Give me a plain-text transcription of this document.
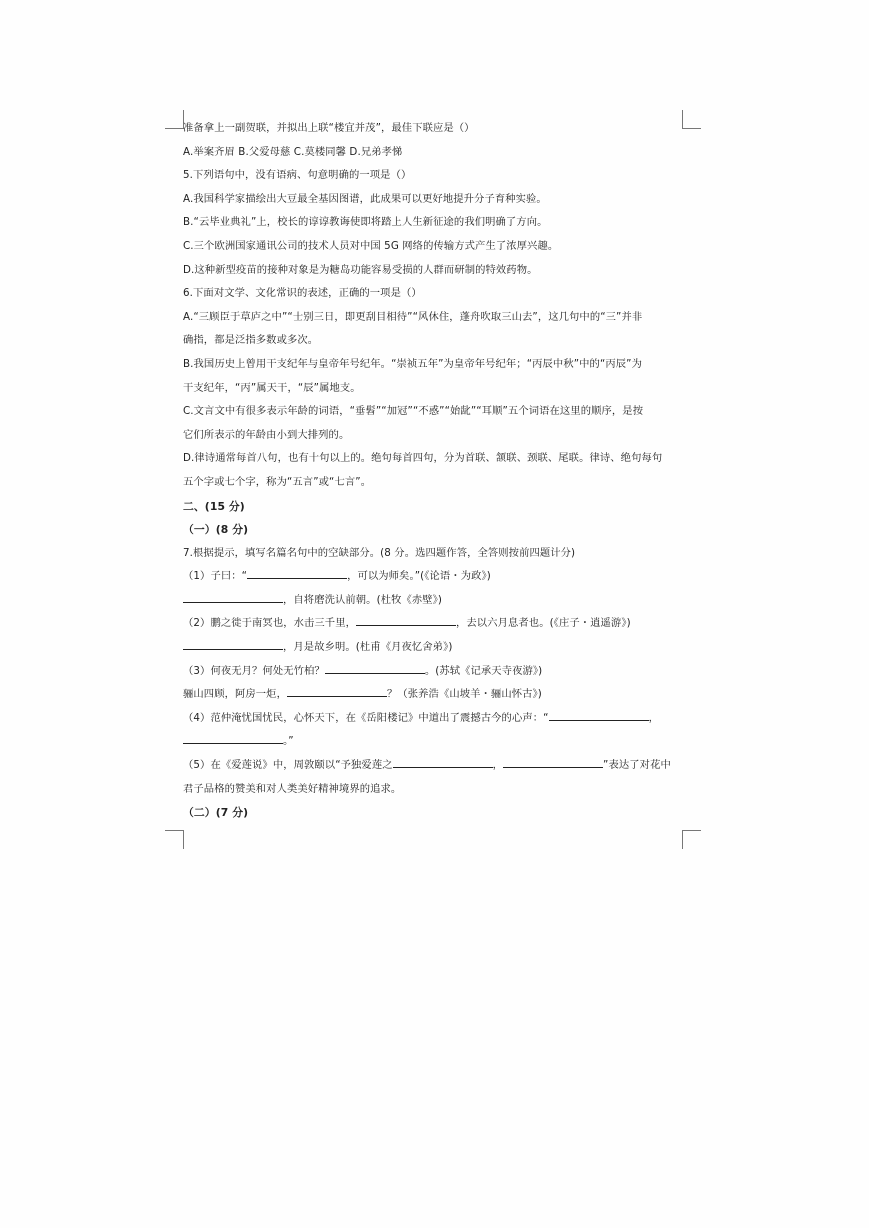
准备拿上一副贺联，并拟出上联“楼宜并茂”，最佳下联应是（）
A.举案齐眉 B.父爱母慈 C.莫楼同馨 D.兄弟孝悌
5.下列语句中，没有语病、句意明确的一项是（）
A.我国科学家描绘出大豆最全基因图谱，此成果可以更好地提升分子育种实验。
B.“云毕业典礼”上，校长的谆谆教诲使即将踏上人生新征途的我们明确了方向。
C.三个欧洲国家通讯公司的技术人员对中国 5G 网络的传输方式产生了浓厚兴趣。
D.这种新型疫苗的接种对象是为糖岛功能容易受损的人群而研制的特效药物。
6.下面对文学、文化常识的表述，正确的一项是（）
A.“三顾臣于草庐之中”“士别三日，即更刮目相待”“风休住，蓬舟吹取三山去”，这几句中的“三”并非
确指，都是泛指多数或多次。
B.我国历史上曾用干支纪年与皇帝年号纪年。“崇祯五年”为皇帝年号纪年；“丙辰中秋”中的“丙辰”为
干支纪年，“丙”属天干，“辰”属地支。
C.文言文中有很多表示年龄的词语，“垂髫”“加冠”“不惑”“始龀”“耳顺”五个词语在这里的顺序，是按
它们所表示的年龄由小到大排列的。
D.律诗通常每首八句，也有十句以上的。绝句每首四句，分为首联、颔联、颈联、尾联。律诗、绝句每句
五个字或七个字，称为“五言”或“七言”。
二、(15 分)
（一）(8 分)
7.根据提示，填写名篇名句中的空缺部分。(8 分。选四题作答，全答则按前四题计分)
（1）子曰：“	，可以为师矣。”(《论语・为政》)
，自将磨洗认前朝。(杜牧《赤壁》)
（2）鹏之徙于南冥也，水击三千里，	，去以六月息者也。(《庄子・逍遥游》)
，月是故乡明。(杜甫《月夜忆舍弟》)
（3）何夜无月？何处无竹柏？	。(苏轼《记承天寺夜游》)
骊山四顾，阿房一炬，	？（张养浩《山坡羊・骊山怀古》)
（4）范仲淹忧国忧民，心怀天下，在《岳阳楼记》中道出了震撼古今的心声：“	，
。”
（5）在《爱莲说》中，周敦颐以“予独爱莲之	，	”表达了对花中
君子品格的赞美和对人类美好精神境界的追求。
（二）(7 分)
